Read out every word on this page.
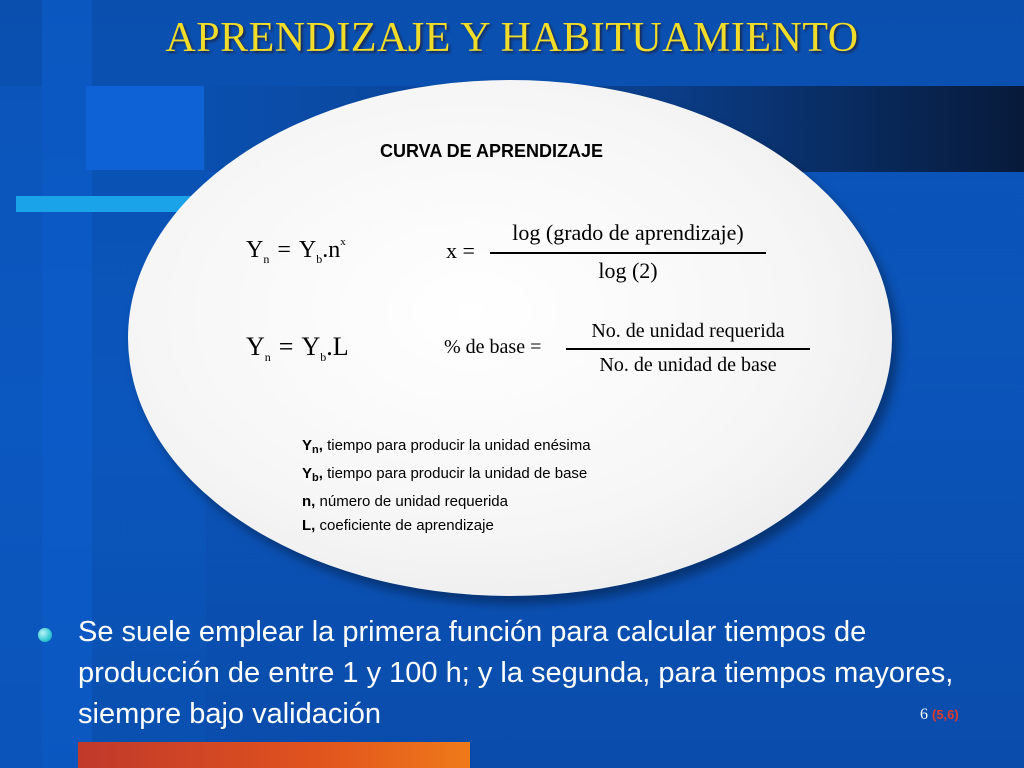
APRENDIZAJE Y HABITUAMIENTO
CURVA DE APRENDIZAJE
$Y_n = Y_b.n^x$
$Y_n = Y_b.L$
x =
log (grado de aprendizaje)
log (2)
% de base =
No. de unidad requerida
No. de unidad de base
$Y_n$, tiempo para producir la unidad enésima
$Y_b$, tiempo para producir la unidad de base
n, número de unidad requerida
L, coeficiente de aprendizaje
Se suele emplear la primera función para calcular tiempos de producción de entre 1 y 100 h; y la segunda, para tiempos mayores, siempre bajo validación	6 (5,6)
